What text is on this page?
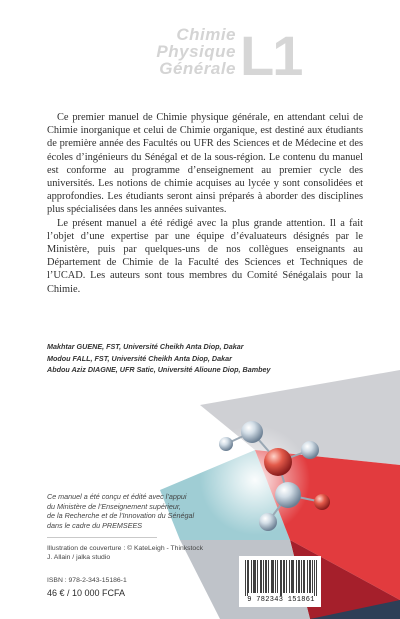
Chimie
Physique
Générale L1

Ce premier manuel de Chimie physique générale, en attendant celui de Chimie inorganique et celui de Chimie organique, est destiné aux étudiants de première année des Facultés ou UFR des Sciences et de Médecine et des écoles d’ingénieurs du Sénégal et de la sous-région. Le contenu du manuel est conforme au programme d’enseignement au premier cycle des universités. Les notions de chimie acquises au lycée y sont consolidées et approfondies. Les étudiants seront ainsi préparés à aborder des disciplines plus spécialisées dans les années suivantes.

Le présent manuel a été rédigé avec la plus grande attention. Il a fait l’objet d’une expertise par une équipe d’évaluateurs désignés par le Ministère, puis par quelques-uns de nos collègues enseignants au Département de Chimie de la Faculté des Sciences et Techniques de l’UCAD. Les auteurs sont tous membres du Comité Sénégalais pour la Chimie.

Makhtar GUENE, FST, Université Cheikh Anta Diop, Dakar
Modou FALL, FST, Université Cheikh Anta Diop, Dakar
Abdou Aziz DIAGNE, UFR Satic, Université Alioune Diop, Bambey
Ce manuel a été conçu et édité avec l’appui
du Ministère de l’Enseignement supérieur,
de la Recherche et de l’Innovation du Sénégal
dans le cadre du PREMSEES
Illustration de couverture : © KateLeigh - Thinkstock
J. Allain / jalka studio
ISBN : 978-2-343-15186-1
46 € / 10 000 FCFA
9 782343 151861
